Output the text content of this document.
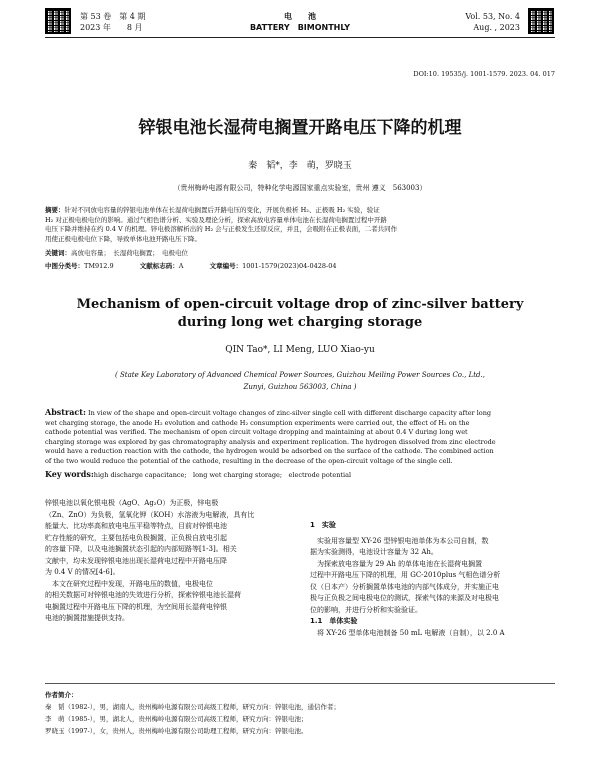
第 53 卷　第 4 期
2023 年　　8 月
电　　池
BATTERY　BIMONTHLY
Vol. 53, No. 4
Aug. , 2023
DOI:10. 19535/j. 1001-1579. 2023. 04. 017
锌银电池长湿荷电搁置开路电压下降的机理
秦　韬*，李　萌，罗晓玉
（贵州梅岭电源有限公司，特种化学电源国家重点实验室，贵州 遵义　563003）

摘要：针对不同放电容量的锌银电池单体在长湿荷电搁置后开路电压的变化，开展负极析 H₂、正极吸 H₂ 实验，验证

H₂ 对正极电极电位的影响。通过气相色谱分析、实验及理论分析，探索高放电容量单体电池在长湿荷电搁置过程中开路

电压下降并维持在约 0.4 V 的机理。锌电极溶解析出的 H₂ 会与正极发生还原反应，并且，会吸附在正极表面，二者共同作

用使正极电极电位下降，导致单体电池开路电压下降。

关键词：高放电容量；　长湿荷电搁置；　电极电位
中图分类号：TM912.9	文献标志码：A	文章编号：1001-1579(2023)04-0428-04
Mechanism of open-circuit voltage drop of zinc-silver battery
during long wet charging storage
QIN Tao*, LI Meng, LUO Xiao-yu
( State Key Laboratory of Advanced Chemical Power Sources, Guizhou Meiling Power Sources Co., Ltd.,
Zunyi, Guizhou 563003, China )

Abstract: In view of the shape and open-circuit voltage changes of zinc-silver single cell with different discharge capacity after long

wet charging storage, the anode H₂ evolution and cathode H₂ consumption experiments were carried out, the effect of H₂ on the

cathode potential was verified. The mechanism of open circuit voltage dropping and maintaining at about 0.4 V during long wet

charging storage was explored by gas chromatography analysis and experiment replication. The hydrogen dissolved from zinc electrode

would have a reduction reaction with the cathode, the hydrogen would be adsorbed on the surface of the cathode. The combined action

of the two would reduce the potential of the cathode, resulting in the decrease of the open-circuit voltage of the single cell.

Key words:high discharge capacitance;　long wet charging storage;　electrode potential

锌银电池以氧化银电极（AgO、Ag₂O）为正极，锌电极

（Zn、ZnO）为负极，氢氧化钾（KOH）水溶液为电解液，具有比

能量大、比功率高和放电电压平稳等特点，目前对锌银电池

贮存性能的研究，主要包括电负极搁置，正负极自放电引起

的容量下降，以及电池搁置状态引起的内部短路等[1-3]。相关

文献中，均未发现锌银电池出现长湿荷电过程中开路电压降

为 0.4 V 的情况[4-6]。

　本文在研究过程中发现，开路电压的数值，电极电位

的相关数据可对锌银电池的失效进行分析，探索锌银电池长湿荷

电搁置过程中开路电压下降的机理，为空间用长湿荷电锌银

电池的搁置措施提供支持。

1　实验

　实验用容量型 XY-26 型锌银电池单体为本公司自制，数

据为实验测得，电池设计容量为 32 Ah。

　为探索放电容量为 29 Ah 的单体电池在长湿荷电搁置

过程中开路电压下降的机理，用 GC-2010plus 气相色谱分析

仪（日本产）分析搁置单体电池的内部气体成分，并实施正电

极与正负极之间电极电位的测试，探索气体的来源及对电极电

位的影响，并进行分析和实验验证。

1.1　单体实验

　将 XY-26 型单体电池制备 50 mL 电解液（自制），以 2.0 A

作者简介：

秦　韬（1982-），男，湖南人，贵州梅岭电源有限公司高级工程师，研究方向：锌银电池，通信作者；

李　萌（1985-），男，湖北人，贵州梅岭电源有限公司高级工程师，研究方向：锌银电池；

罗晓玉（1997-），女，贵州人，贵州梅岭电源有限公司助理工程师，研究方向：锌银电池。
